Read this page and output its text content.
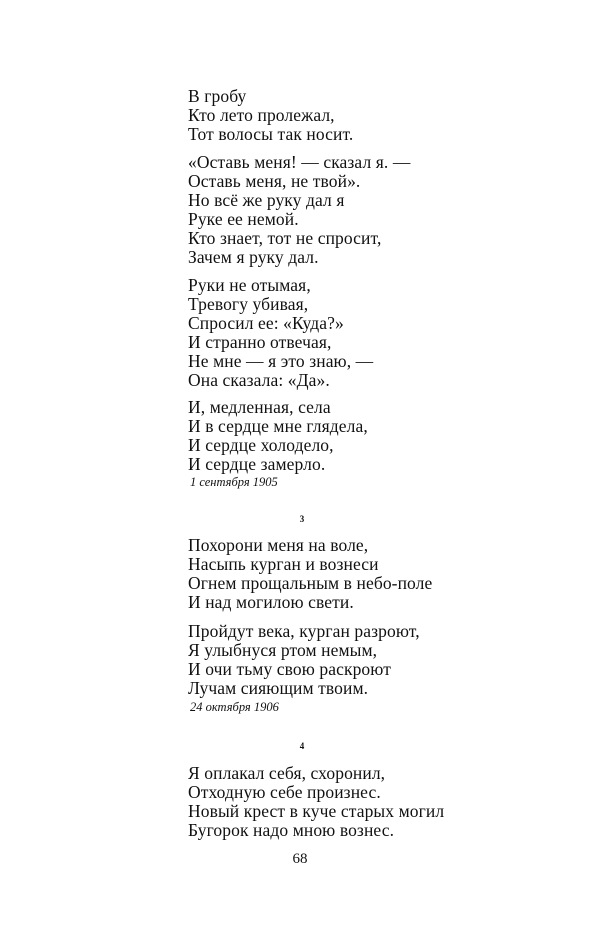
В гробу
Кто лето пролежал,
Тот волосы так носит.
«Оставь меня! — сказал я. —
Оставь меня, не твой».
Но всё же руку дал я
Руке ее немой.
Кто знает, тот не спросит,
Зачем я руку дал.
Руки не отымая,
Тревогу убивая,
Спросил ее: «Куда?»
И странно отвечая,
Не мне — я это знаю, —
Она сказала: «Да».
И, медленная, села
И в сердце мне глядела,
И сердце холодело,
И сердце замерло.
1 сентября 1905
3
Похорони меня на воле,
Насыпь курган и вознеси
Огнем прощальным в небо-поле
И над могилою свети.
Пройдут века, курган разроют,
Я улыбнуся ртом немым,
И очи тьму свою раскроют
Лучам сияющим твоим.
24 октября 1906
4
Я оплакал себя, схоронил,
Отходную себе произнес.
Новый крест в куче старых могил
Бугорок надо мною вознес.
68
